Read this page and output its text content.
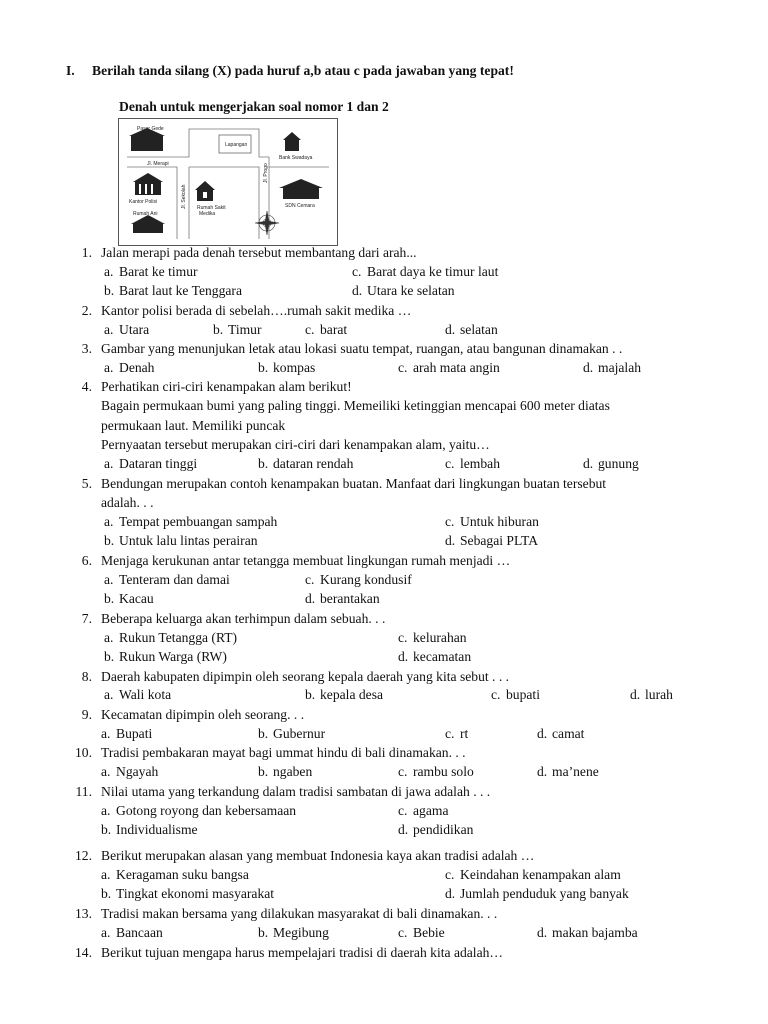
I. Berilah tanda silang (X) pada huruf a,b atau c pada jawaban yang tepat!
Denah untuk mengerjakan soal nomor 1 dan 2
Pasar Gede
Lapangan
Bank Swadaya
Jl. Merapi
Kantor Polisi
Rumah Sakit
Medika
SDN Cemara
Rumah Ani
Jl. Sekolah
Jl. Progo
1. Jalan merapi pada denah tersebut membantang dari arah...
a. Barat ke timur	c. Barat daya ke timur laut
b. Barat laut ke Tenggara	d. Utara ke selatan
2. Kantor polisi berada di sebelah….rumah sakit medika …
a. Utara	b. Timur	c. barat	d. selatan
3. Gambar yang menunjukan letak atau lokasi suatu tempat, ruangan, atau bangunan dinamakan . .
a. Denah	b. kompas	c. arah mata angin	d. majalah
4. Perhatikan ciri-ciri kenampakan alam berikut!
Bagain permukaan bumi yang paling tinggi. Memeiliki ketinggian mencapai 600 meter diatas
permukaan laut. Memiliki puncak
Pernyaatan tersebut merupakan ciri-ciri dari kenampakan alam, yaitu…
a. Dataran tinggi	b. dataran rendah	c. lembah	d. gunung
5. Bendungan merupakan contoh kenampakan buatan. Manfaat dari lingkungan buatan tersebut
adalah. . .
a. Tempat pembuangan sampah	c. Untuk hiburan
b. Untuk lalu lintas perairan	d. Sebagai PLTA
6. Menjaga kerukunan antar tetangga membuat lingkungan rumah menjadi …
a. Tenteram dan damai	c. Kurang kondusif
b. Kacau	d. berantakan
7. Beberapa keluarga akan terhimpun dalam sebuah. . .
a. Rukun Tetangga (RT)	c. kelurahan
b. Rukun Warga (RW)	d. kecamatan
8. Daerah kabupaten dipimpin oleh seorang kepala daerah yang kita sebut . . .
a. Wali kota	b. kepala desa	c. bupati	d. lurah
9. Kecamatan dipimpin oleh seorang. . .
a. Bupati	b. Gubernur	c. rt	d. camat
10. Tradisi pembakaran mayat bagi ummat hindu di bali dinamakan. . .
a. Ngayah	b. ngaben	c. rambu solo	d. ma’nene
11. Nilai utama yang terkandung dalam tradisi sambatan di jawa adalah . . .
a. Gotong royong dan kebersamaan	c. agama
b. Individualisme	d. pendidikan
12. Berikut merupakan alasan yang membuat Indonesia kaya akan tradisi adalah …
a. Keragaman suku bangsa	c. Keindahan kenampakan alam
b. Tingkat ekonomi masyarakat	d. Jumlah penduduk yang banyak
13. Tradisi makan bersama yang dilakukan masyarakat di bali dinamakan. . .
a. Bancaan	b. Megibung	c. Bebie	d. makan bajamba
14. Berikut tujuan mengapa harus mempelajari tradisi di daerah kita adalah…
